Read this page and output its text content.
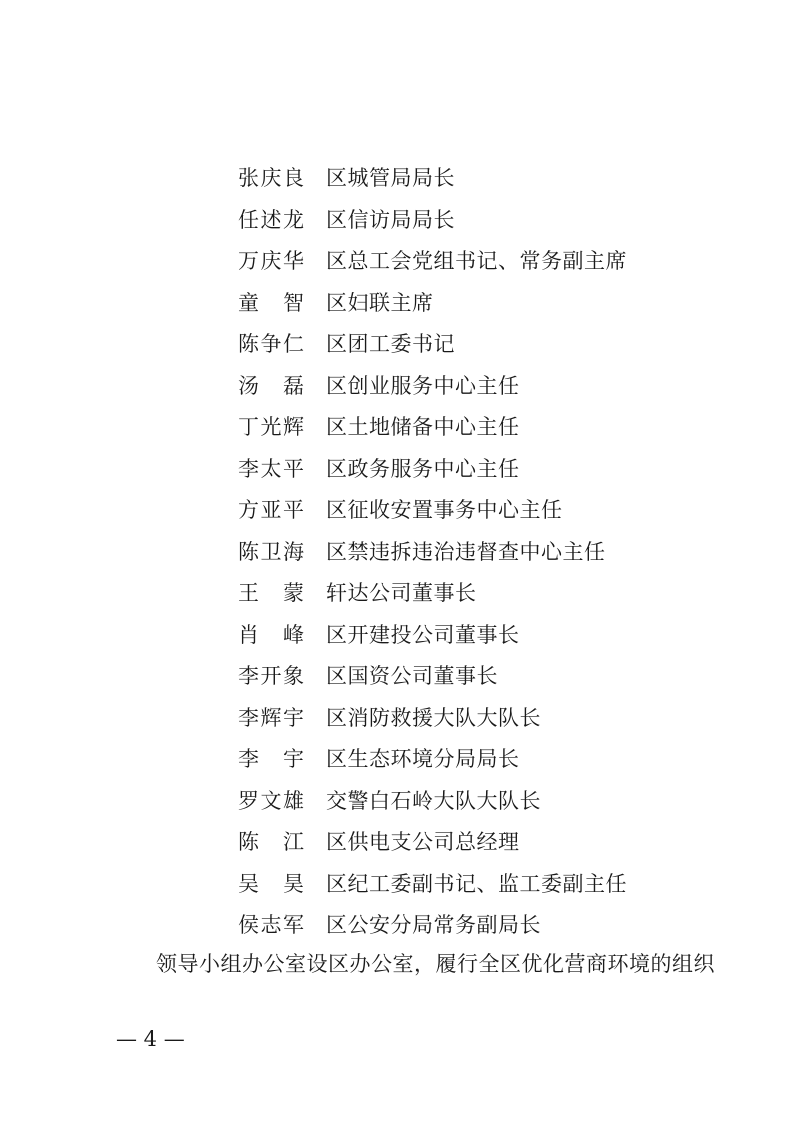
张庆良 区城管局局长
任述龙 区信访局局长
万庆华 区总工会党组书记、常务副主席
童智 区妇联主席
陈争仁 区团工委书记
汤磊 区创业服务中心主任
丁光辉 区土地储备中心主任
李太平 区政务服务中心主任
方亚平 区征收安置事务中心主任
陈卫海 区禁违拆违治违督查中心主任
王蒙 轩达公司董事长
肖峰 区开建投公司董事长
李开象 区国资公司董事长
李辉宇 区消防救援大队大队长
李宇 区生态环境分局局长
罗文雄 交警白石岭大队大队长
陈江 区供电支公司总经理
吴昊 区纪工委副书记、监工委副主任
侯志军 区公安分局常务副局长
领导小组办公室设区办公室，履行全区优化营商环境的组织
— 4 —
